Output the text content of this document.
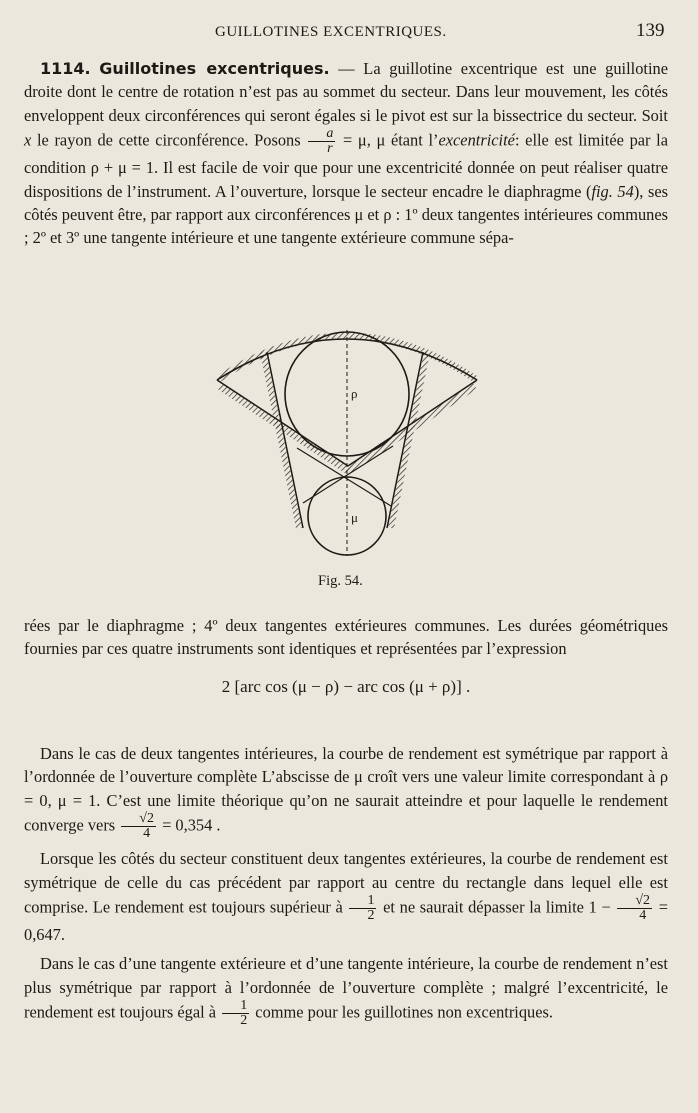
GUILLOTINES EXCENTRIQUES.	139

1114. Guillotines excentriques. — La guillotine excentrique est une guillotine droite dont le centre de rotation n’est pas au sommet du secteur. Dans leur mouvement, les côtés enveloppent deux circonférences qui seront égales si le pivot est sur la bissectrice du secteur. Soit x le rayon de cette circonférence. Posons $\frac{a}{r} = \mu$, μ étant l’excentricité: elle est limitée par la condition ρ + μ = 1. Il est facile de voir que pour une excentricité donnée on peut réaliser quatre dispositions de l’instrument. A l’ouverture, lorsque le secteur encadre le diaphragme (fig. 54), ses côtés peuvent être, par rapport aux circonférences μ et ρ : 1º deux tangentes intérieures communes ; 2º et 3º une tangente intérieure et une tangente extérieure commune sépa-

ρ
μ
Fig. 54.

rées par le diaphragme ; 4º deux tangentes extérieures communes. Les durées géométriques fournies par ces quatre instruments sont identiques et représentées par l’expression

2 [arc cos (μ − ρ) − arc cos (μ + ρ)] .

Dans le cas de deux tangentes intérieures, la courbe de rendement est symétrique par rapport à l’ordonnée de l’ouverture complète L’abscisse de μ croît vers une valeur limite correspondant à ρ = 0, μ = 1. C’est une limite théorique qu’on ne saurait atteindre et pour laquelle le rendement converge vers $\frac{√2}{4} = 0,354$ .

Lorsque les côtés du secteur constituent deux tangentes extérieures, la courbe de rendement est symétrique de celle du cas précédent par rapport au centre du rectangle dans lequel elle est comprise. Le rendement est toujours supérieur à $\frac{1}{2}$ et ne saurait dépasser la limite $1 - \frac{√2}{4} = 0,647$.

Dans le cas d’une tangente extérieure et d’une tangente intérieure, la courbe de rendement n’est plus symétrique par rapport à l’ordonnée de l’ouverture complète ; malgré l’excentricité, le rendement est toujours égal à $\frac{1}{2}$ comme pour les guillotines non excentriques.
